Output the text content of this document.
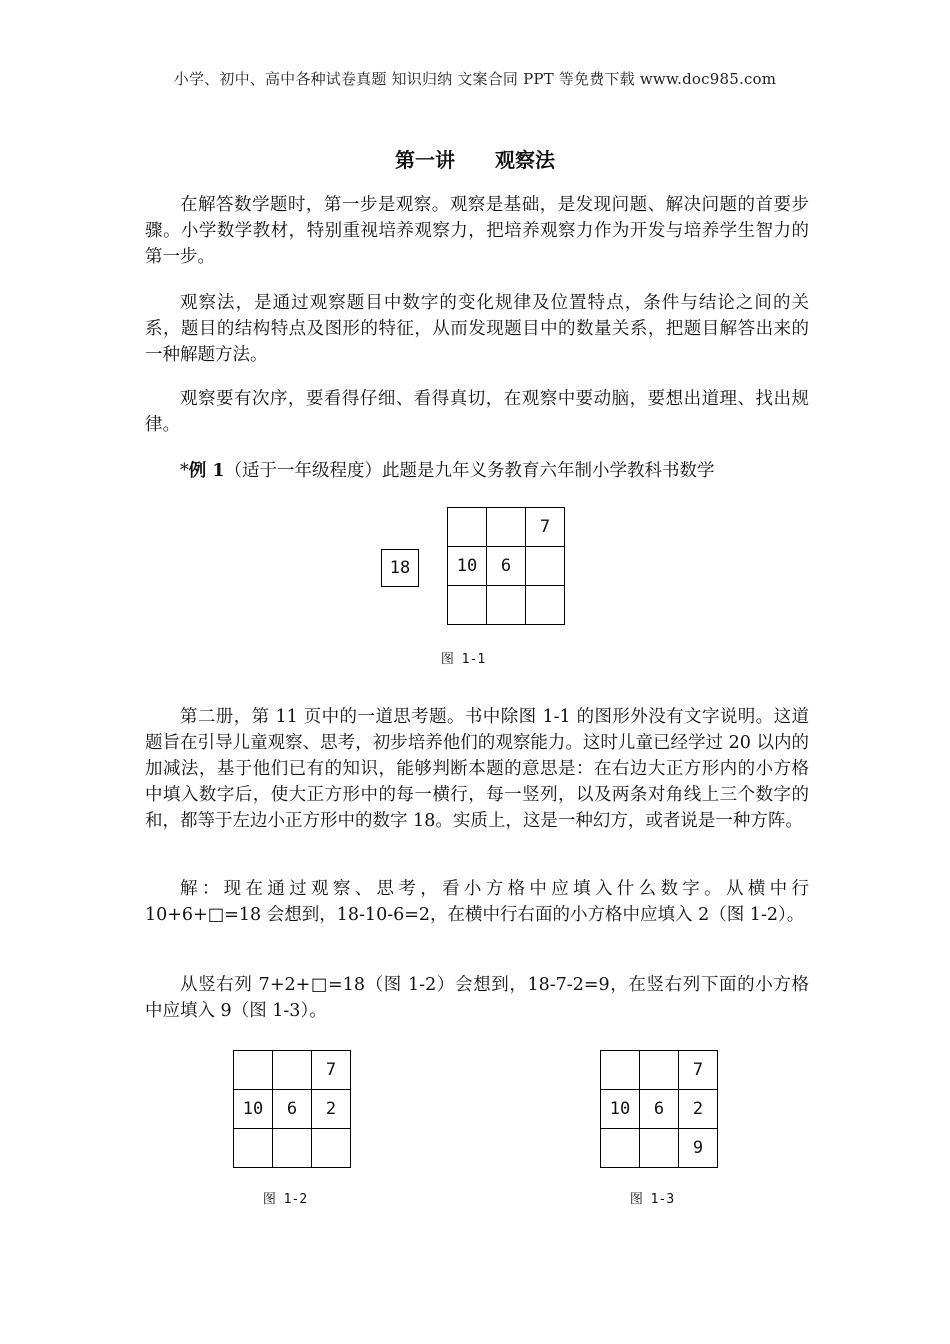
小学、初中、高中各种试卷真题 知识归纳 文案合同 PPT 等免费下载 www.doc985.com
第一讲 观察法
在解答数学题时，第一步是观察。观察是基础，是发现问题、解决问题的首要步骤。小学数学教材，特别重视培养观察力，把培养观察力作为开发与培养学生智力的第一步。
观察法，是通过观察题目中数字的变化规律及位置特点，条件与结论之间的关系，题目的结构特点及图形的特征，从而发现题目中的数量关系，把题目解答出来的一种解题方法。
观察要有次序，要看得仔细、看得真切，在观察中要动脑，要想出道理、找出规律。
*例 1（适于一年级程度）此题是九年义务教育六年制小学教科书数学
18
		7
10	6	

图 1-1
第二册，第 11 页中的一道思考题。书中除图 1-1 的图形外没有文字说明。这道题旨在引导儿童观察、思考，初步培养他们的观察能力。这时儿童已经学过 20 以内的加减法，基于他们已有的知识，能够判断本题的意思是：在右边大正方形内的小方格中填入数字后，使大正方形中的每一横行，每一竖列，以及两条对角线上三个数字的和，都等于左边小正方形中的数字 18。实质上，这是一种幻方，或者说是一种方阵。
解：现在通过观察、思考，看小方格中应填入什么数字。从横中行 10+6+□=18 会想到，18-10-6=2，在横中行右面的小方格中应填入 2（图 1-2）。
从竖右列 7+2+□=18（图 1-2）会想到，18-7-2=9，在竖右列下面的小方格中应填入 9（图 1-3）。
		7
10	6	2

图 1-2
		7
10	6	2
		9
图 1-3
